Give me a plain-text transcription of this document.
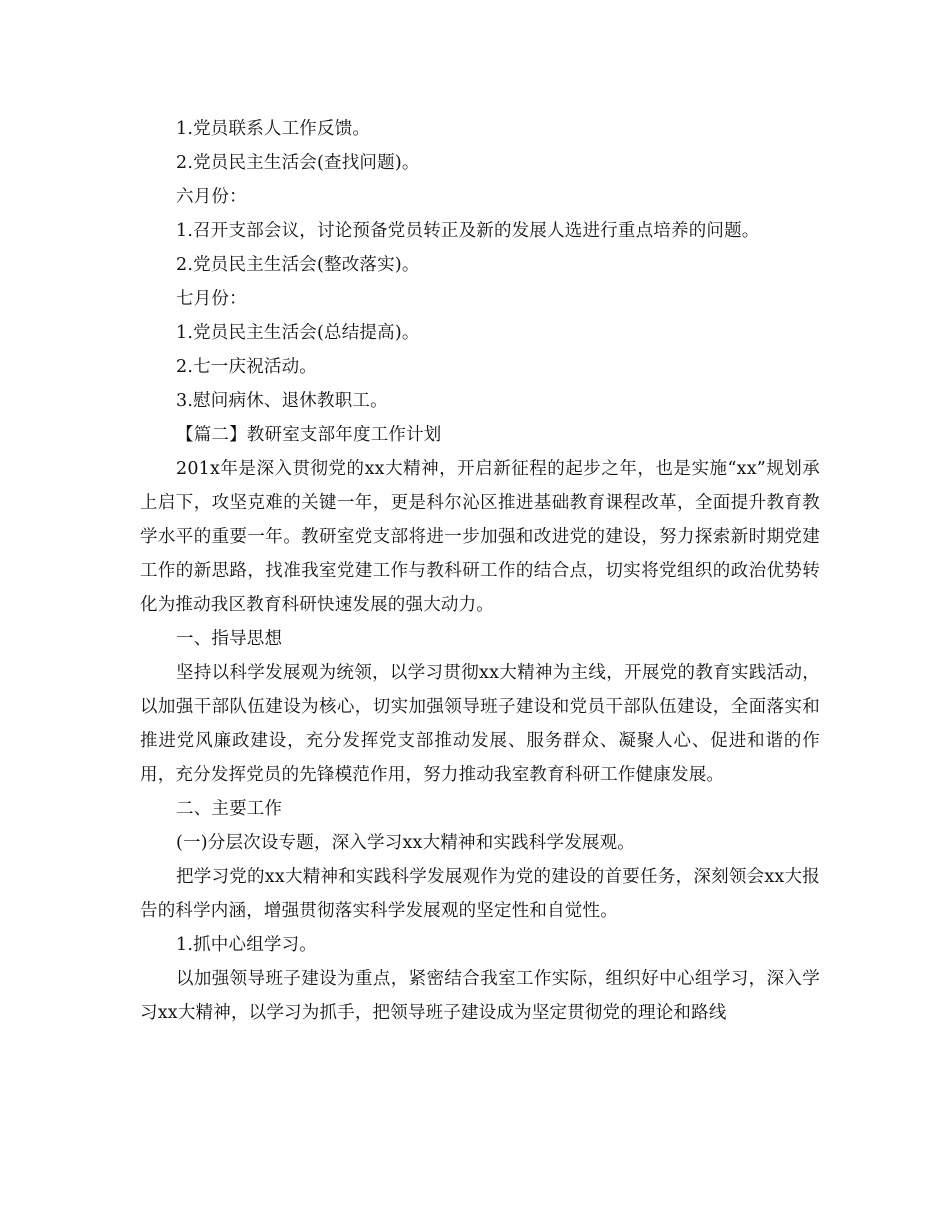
1.党员联系人工作反馈。

2.党员民主生活会(查找问题)。

六月份：

1.召开支部会议，讨论预备党员转正及新的发展人选进行重点培养的问题。

2.党员民主生活会(整改落实)。

七月份：

1.党员民主生活会(总结提高)。

2.七一庆祝活动。

3.慰问病休、退休教职工。

【篇二】教研室支部年度工作计划

201x年是深入贯彻党的xx大精神，开启新征程的起步之年，也是实施“xx”规划承上启下，攻坚克难的关键一年，更是科尔沁区推进基础教育课程改革，全面提升教育教学水平的重要一年。教研室党支部将进一步加强和改进党的建设，努力探索新时期党建工作的新思路，找准我室党建工作与教科研工作的结合点，切实将党组织的政治优势转化为推动我区教育科研快速发展的强大动力。

一、指导思想

坚持以科学发展观为统领，以学习贯彻xx大精神为主线，开展党的教育实践活动，以加强干部队伍建设为核心，切实加强领导班子建设和党员干部队伍建设，全面落实和推进党风廉政建设，充分发挥党支部推动发展、服务群众、凝聚人心、促进和谐的作用，充分发挥党员的先锋模范作用，努力推动我室教育科研工作健康发展。

二、主要工作

(一)分层次设专题，深入学习xx大精神和实践科学发展观。

把学习党的xx大精神和实践科学发展观作为党的建设的首要任务，深刻领会xx大报告的科学内涵，增强贯彻落实科学发展观的坚定性和自觉性。

1.抓中心组学习。

以加强领导班子建设为重点，紧密结合我室工作实际，组织好中心组学习，深入学习xx大精神，以学习为抓手，把领导班子建设成为坚定贯彻党的理论和路线
